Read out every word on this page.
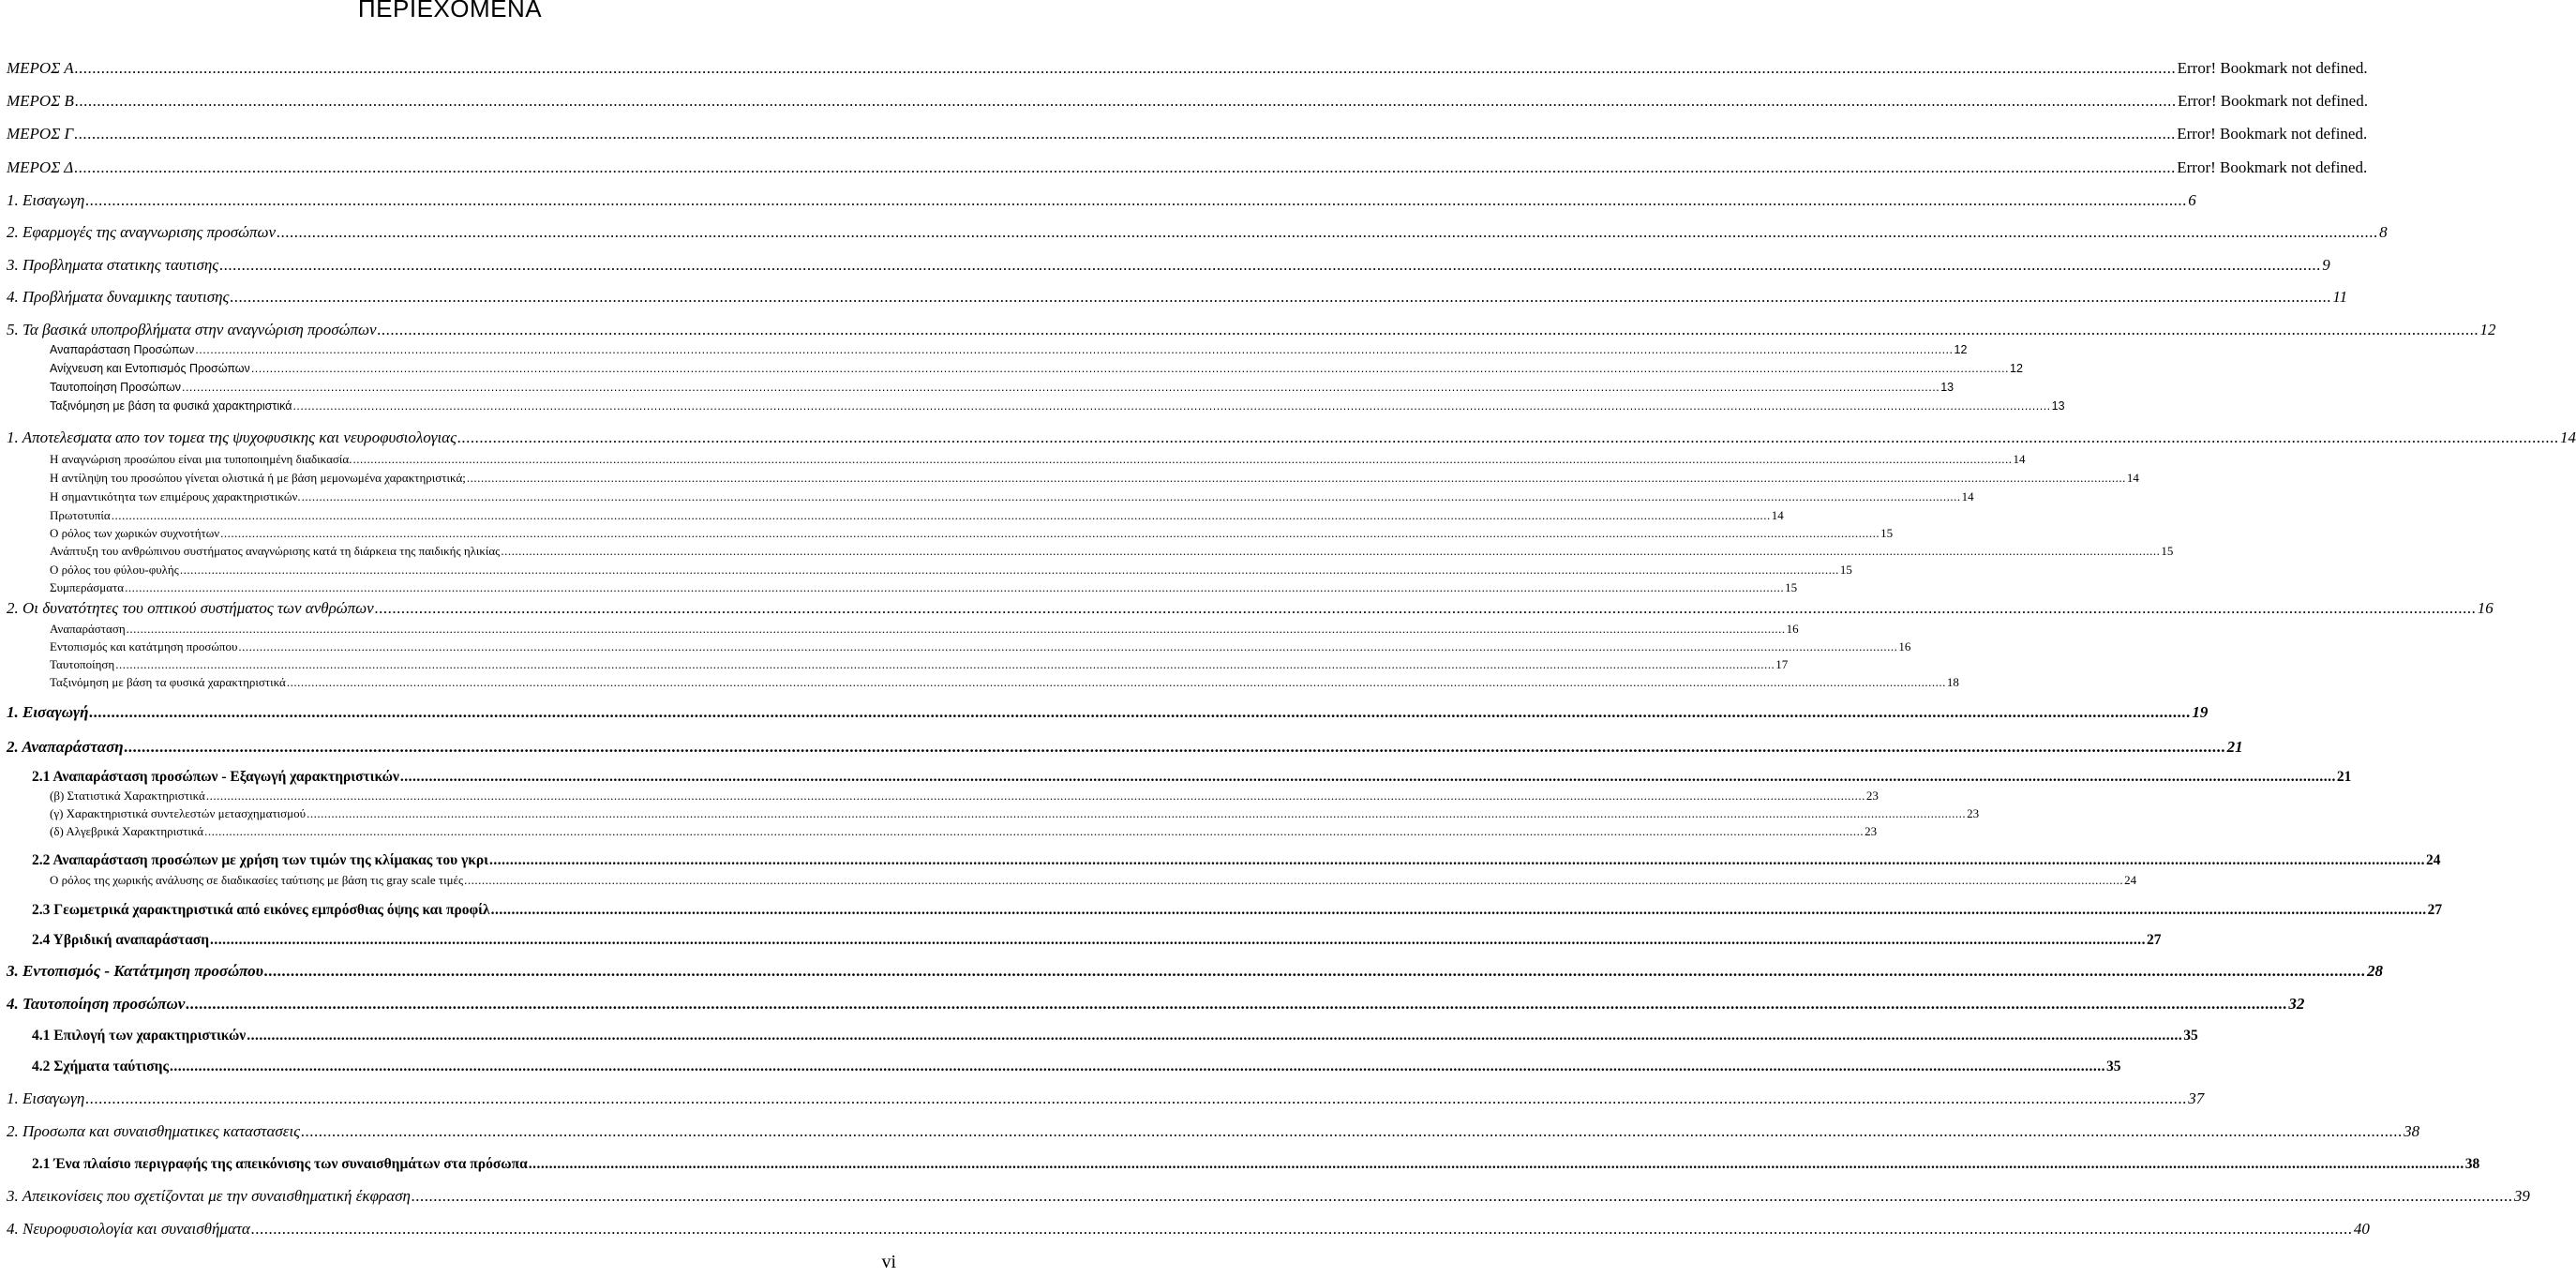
ΠΕΡΙΕΧΟΜΕΝΑ
ΜΕΡΟΣ Α .....	Error! Bookmark not defined.
ΜΕΡΟΣ Β .....	Error! Bookmark not defined.
ΜΕΡΟΣ Γ .....	Error! Bookmark not defined.
ΜΕΡΟΣ Δ .....	Error! Bookmark not defined.
1. Εισαγωγη .....	6
2. Εφαρμογές της αναγνωρισης προσώπων .....	8
3. Προβληματα στατικης ταυτισης .....	9
4. Προβλήματα δυναμικης ταυτισης .....	11
5. Τα βασικά υποπροβλήματα στην αναγνώριση προσώπων .....	12
Αναπαράσταση Προσώπων .....	12
Ανίχνευση και Εντοπισμός Προσώπων .....	12
Ταυτοποίηση Προσώπων .....	13
Ταξινόμηση με βάση τα φυσικά χαρακτηριστικά .....	13
1. Αποτελεσματα απο τον τομεα της ψυχοφυσικης και νευροφυσιολογιας .....	14
Η αναγνώριση προσώπου είναι μια τυποποιημένη διαδικασία. .....	14
Η αντίληψη του προσώπου γίνεται ολιστικά ή με βάση μεμονωμένα χαρακτηριστικά; .....	14
Η σημαντικότητα των επιμέρους χαρακτηριστικών. .....	14
Πρωτοτυπία .....	14
Ο ρόλος των χωρικών συχνοτήτων .....	15
Ανάπτυξη του ανθρώπινου συστήματος αναγνώρισης κατά τη διάρκεια της παιδικής ηλικίας .....	15
Ο ρόλος του φύλου-φυλής .....	15
Συμπεράσματα .....	15
2. Οι δυνατότητες του οπτικού συστήματος των ανθρώπων .....	16
Αναπαράσταση .....	16
Εντοπισμός και κατάτμηση προσώπου .....	16
Ταυτοποίηση .....	17
Ταξινόμηση με βάση τα φυσικά χαρακτηριστικά .....	18
1. Εισαγωγή .....	19
2. Αναπαράσταση .....	21
2.1 Αναπαράσταση προσώπων - Εξαγωγή χαρακτηριστικών .....	21
(β) Στατιστικά Χαρακτηριστικά .....	23
(γ) Χαρακτηριστικά συντελεστών μετασχηματισμού .....	23
(δ) Αλγεβρικά Χαρακτηριστικά .....	23
2.2 Αναπαράσταση προσώπων με χρήση των τιμών της κλίμακας του γκρι .....	24
Ο ρόλος της χωρικής ανάλυσης σε διαδικασίες ταύτισης με βάση τις gray scale τιμές .....	24
2.3 Γεωμετρικά χαρακτηριστικά από εικόνες εμπρόσθιας όψης και προφίλ .....	27
2.4 Υβριδική αναπαράσταση .....	27
3. Εντοπισμός - Κατάτμηση προσώπου .....	28
4. Ταυτοποίηση προσώπων .....	32
4.1 Επιλογή των χαρακτηριστικών .....	35
4.2 Σχήματα ταύτισης .....	35
1. Εισαγωγη .....	37
2. Προσωπα και συναισθηματικες καταστασεις .....	38
2.1 Ένα πλαίσιο περιγραφής της απεικόνισης των συναισθημάτων στα πρόσωπα .....	38
3. Απεικονίσεις που σχετίζονται με την συναισθηματική έκφραση .....	39
4. Νευροφυσιολογία και συναισθήματα .....	40
vi
